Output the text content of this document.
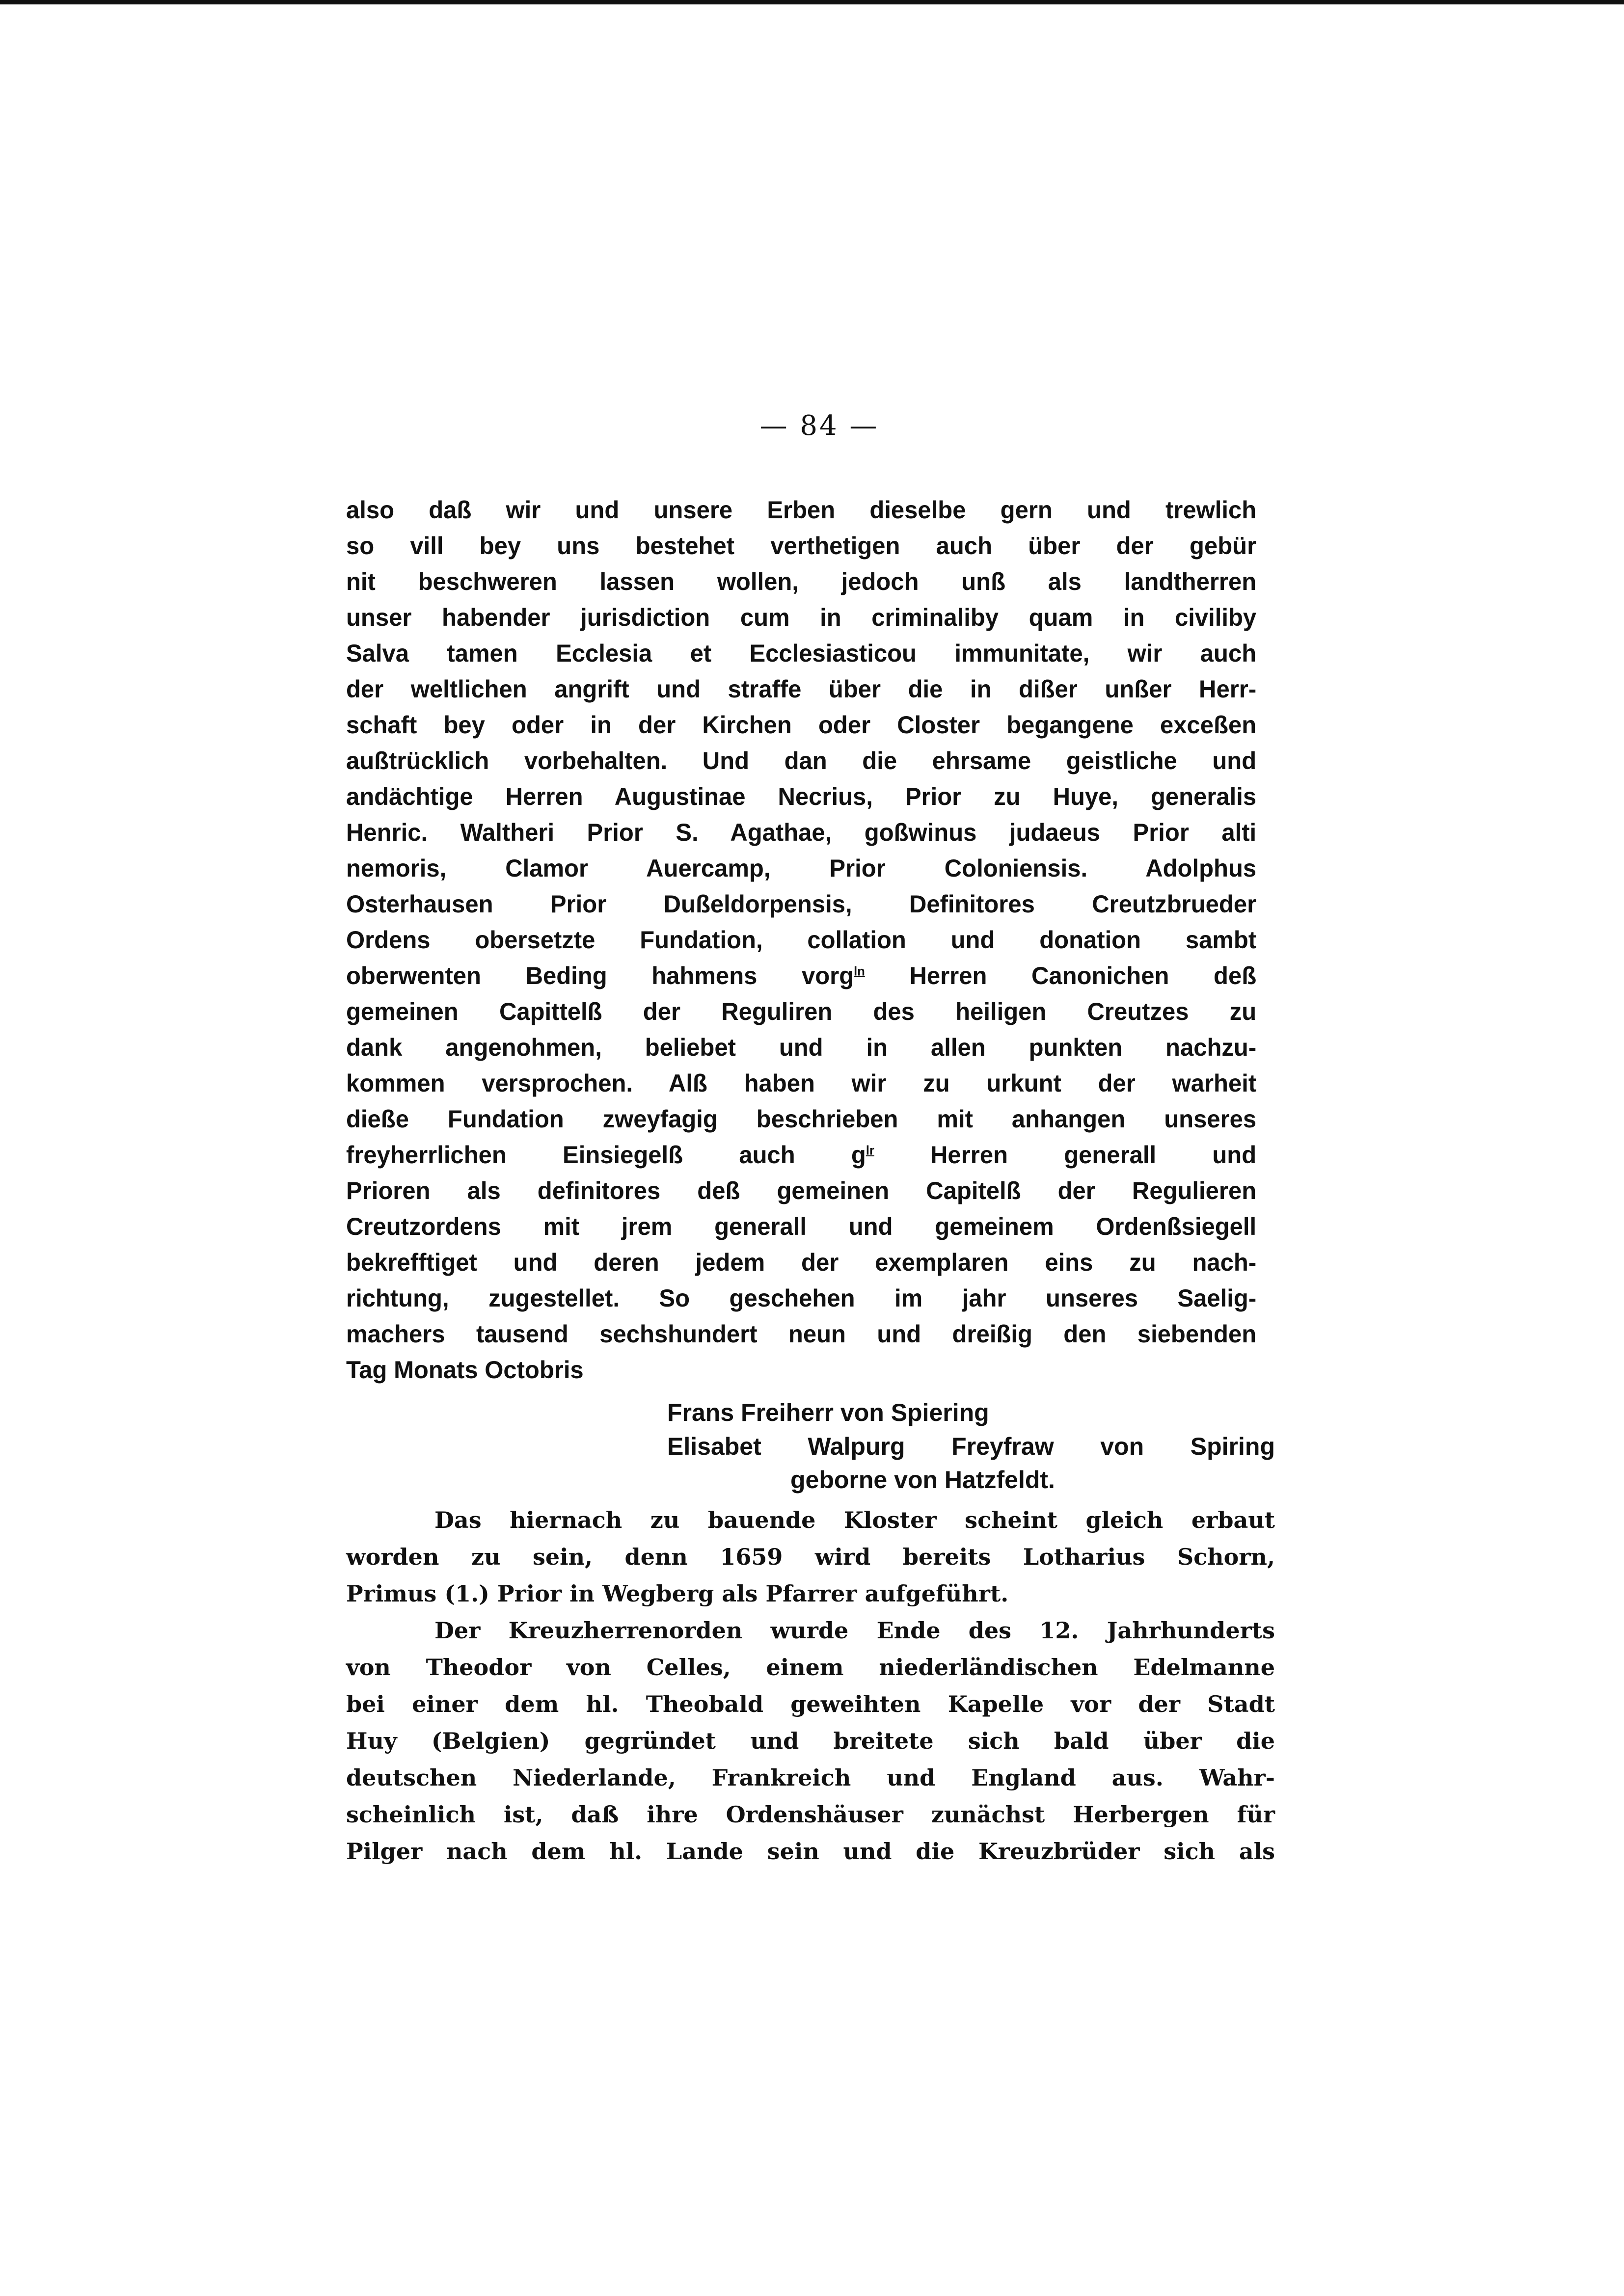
— 84 —
also daß wir und unsere Erben dieselbe gern und trewlich
so vill bey uns bestehet verthetigen auch über der gebür
nit beschweren lassen wollen, jedoch unß als landtherren
unser habender jurisdiction cum in criminaliby quam in civiliby
Salva tamen Ecclesia et Ecclesiasticou immunitate, wir auch
der weltlichen angrift und straffe über die in dißer unßer Herr-
schaft bey oder in der Kirchen oder Closter begangene exceßen
außtrücklich vorbehalten. Und dan die ehrsame geistliche und
andächtige Herren Augustinae Necrius, Prior zu Huye, generalis
Henric. Waltheri Prior S. Agathae, goßwinus judaeus Prior alti
nemoris, Clamor Auercamp, Prior Coloniensis. Adolphus
Osterhausen Prior Dußeldorpensis, Definitores Creutzbrueder
Ordens obersetzte Fundation, collation und donation sambt
oberwenten Beding hahmens vorg$^{ln}$ Herren Canonichen deß
gemeinen Capittelß der Reguliren des heiligen Creutzes zu
dank angenohmen, beliebet und in allen punkten nachzu-
kommen versprochen. Alß haben wir zu urkunt der warheit
dieße Fundation zweyfagig beschrieben mit anhangen unseres
freyherrlichen Einsiegelß auch $g^{lr}$ Herren generall und
Prioren als definitores deß gemeinen Capitelß der Regulieren
Creutzordens mit jrem generall und gemeinem Ordenßsiegell
bekrefftiget und deren jedem der exemplaren eins zu nach-
richtung, zugestellet. So geschehen im jahr unseres Saelig-
machers tausend sechshundert neun und dreißig den siebenden
Tag Monats Octobris
Frans Freiherr von Spiering
Elisabet Walpurg Freyfraw von Spiring
geborne von Hatzfeldt.
Das hiernach zu bauende Kloster scheint gleich erbaut
worden zu sein, denn 1659 wird bereits Lotharius Schorn,
Primus (1.) Prior in Wegberg als Pfarrer aufgeführt.
Der Kreuzherrenorden wurde Ende des 12. Jahrhunderts
von Theodor von Celles, einem niederländischen Edelmanne
bei einer dem hl. Theobald geweihten Kapelle vor der Stadt
Huy (Belgien) gegründet und breitete sich bald über die
deutschen Niederlande, Frankreich und England aus. Wahr-
scheinlich ist, daß ihre Ordenshäuser zunächst Herbergen für
Pilger nach dem hl. Lande sein und die Kreuzbrüder sich als
